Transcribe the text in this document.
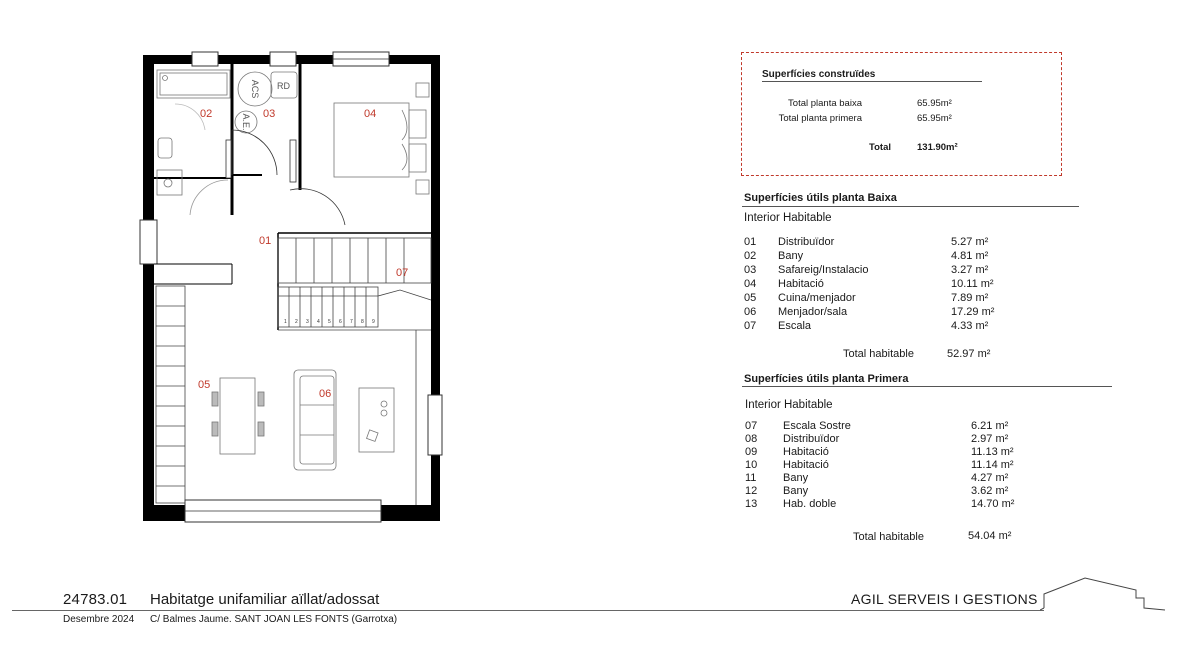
1 2 3 4 5 6 7 8 9
02	03	04
01
07
05
06
ACS
A.E.
RD
Superfícies construïdes
Total planta baixa	65.95m²
Total planta primera	65.95m²
Total	131.90m²
Superfícies útils planta Baixa
Interior Habitable
01 Distribuïdor	5.27 m²
02 Bany	4.81 m²
03 Safareig/Instalacio	3.27 m²
04 Habitació	10.11 m²
05 Cuina/menjador	7.89 m²
06 Menjador/sala	17.29 m²
07 Escala	4.33 m²
Total habitable	52.97 m²
Superfícies útils planta Primera
Interior Habitable
07 Escala Sostre	6.21 m²
08 Distribuïdor	2.97 m²
09 Habitació	11.13 m²
10 Habitació	11.14 m²
11 Bany	4.27 m²
12 Bany	3.62 m²
13 Hab. doble	14.70 m²
Total habitable	54.04 m²
24783.01 Habitatge unifamiliar aïllat/adossat
Desembre 2024 C/ Balmes Jaume. SANT JOAN LES FONTS (Garrotxa)
AGIL SERVEIS I GESTIONS
